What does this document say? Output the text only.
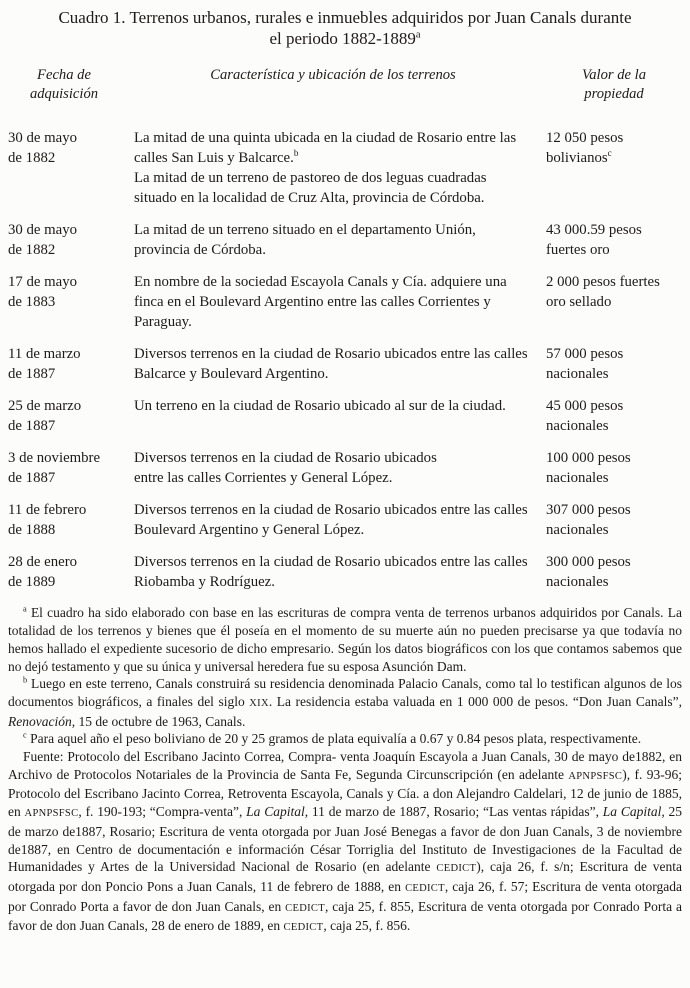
Cuadro 1. Terrenos urbanos, rurales e inmuebles adquiridos por Juan Canals durante el periodo 1882-1889$^a$
Fecha de adquisición
Característica y ubicación de los terrenos	Valor de la propiedad
30 de mayo
de 1882
La mitad de una quinta ubicada en la ciudad de Rosario entre las calles San Luis y Balcarce.$^b$
La mitad de un terreno de pastoreo de dos leguas cuadradas situado en la localidad de Cruz Alta, provincia de Córdoba.
12 050 pesos bolivianos$^c$
30 de mayo
de 1882
La mitad de un terreno situado en el departamento Unión, provincia de Córdoba.
43 000.59 pesos fuertes oro
17 de mayo
de 1883
En nombre de la sociedad Escayola Canals y Cía. adquiere una finca en el Boulevard Argentino entre las calles Corrientes y Paraguay.
2 000 pesos fuertes oro sellado
11 de marzo
de 1887
Diversos terrenos en la ciudad de Rosario ubicados entre las calles Balcarce y Boulevard Argentino.
57 000 pesos nacionales
25 de marzo
de 1887
Un terreno en la ciudad de Rosario ubicado al sur de la ciudad.	45 000 pesos nacionales
3 de noviembre
de 1887
Diversos terrenos en la ciudad de Rosario ubicados
entre las calles Corrientes y General López.
100 000 pesos nacionales
11 de febrero
de 1888
Diversos terrenos en la ciudad de Rosario ubicados entre las calles Boulevard Argentino y General López.
307 000 pesos nacionales
28 de enero
de 1889
Diversos terrenos en la ciudad de Rosario ubicados entre las calles Riobamba y Rodríguez.
300 000 pesos nacionales

$^a$ El cuadro ha sido elaborado con base en las escrituras de compra venta de terrenos urbanos adquiridos por Canals. La totalidad de los terrenos y bienes que él poseía en el momento de su muerte aún no pueden precisarse ya que todavía no hemos hallado el expediente sucesorio de dicho empresario. Según los datos biográficos con los que contamos sabemos que no dejó testamento y que su única y universal heredera fue su esposa Asunción Dam.

$^b$ Luego en este terreno, Canals construirá su residencia denominada Palacio Canals, como tal lo testifican algunos de los documentos biográficos, a finales del siglo XIX. La residencia estaba valuada en 1 000 000 de pesos. “Don Juan Canals”, Renovación, 15 de octubre de 1963, Canals.

$^c$ Para aquel año el peso boliviano de 20 y 25 gramos de plata equivalía a 0.67 y 0.84 pesos plata, respectivamente.

Fuente: Protocolo del Escribano Jacinto Correa, Compra- venta Joaquín Escayola a Juan Canals, 30 de mayo de1882, en Archivo de Protocolos Notariales de la Provincia de Santa Fe, Segunda Circunscripción (en adelante APNPSFSC), f. 93-96; Protocolo del Escribano Jacinto Correa, Retroventa Escayola, Canals y Cía. a don Alejandro Caldelari, 12 de junio de 1885, en APNPSFSC, f. 190-193; “Compra-venta”, La Capital, 11 de marzo de 1887, Rosario; “Las ventas rápidas”, La Capital, 25 de marzo de1887, Rosario; Escritura de venta otorgada por Juan José Benegas a favor de don Juan Canals, 3 de noviembre de1887, en Centro de documentación e información César Torriglia del Instituto de Investigaciones de la Facultad de Humanidades y Artes de la Universidad Nacional de Rosario (en adelante CEDICT), caja 26, f. s/n; Escritura de venta otorgada por don Poncio Pons a Juan Canals, 11 de febrero de 1888, en CEDICT, caja 26, f. 57; Escritura de venta otorgada por Conrado Porta a favor de don Juan Canals, en CEDICT, caja 25, f. 855, Escritura de venta otorgada por Conrado Porta a favor de don Juan Canals, 28 de enero de 1889, en CEDICT, caja 25, f. 856.
